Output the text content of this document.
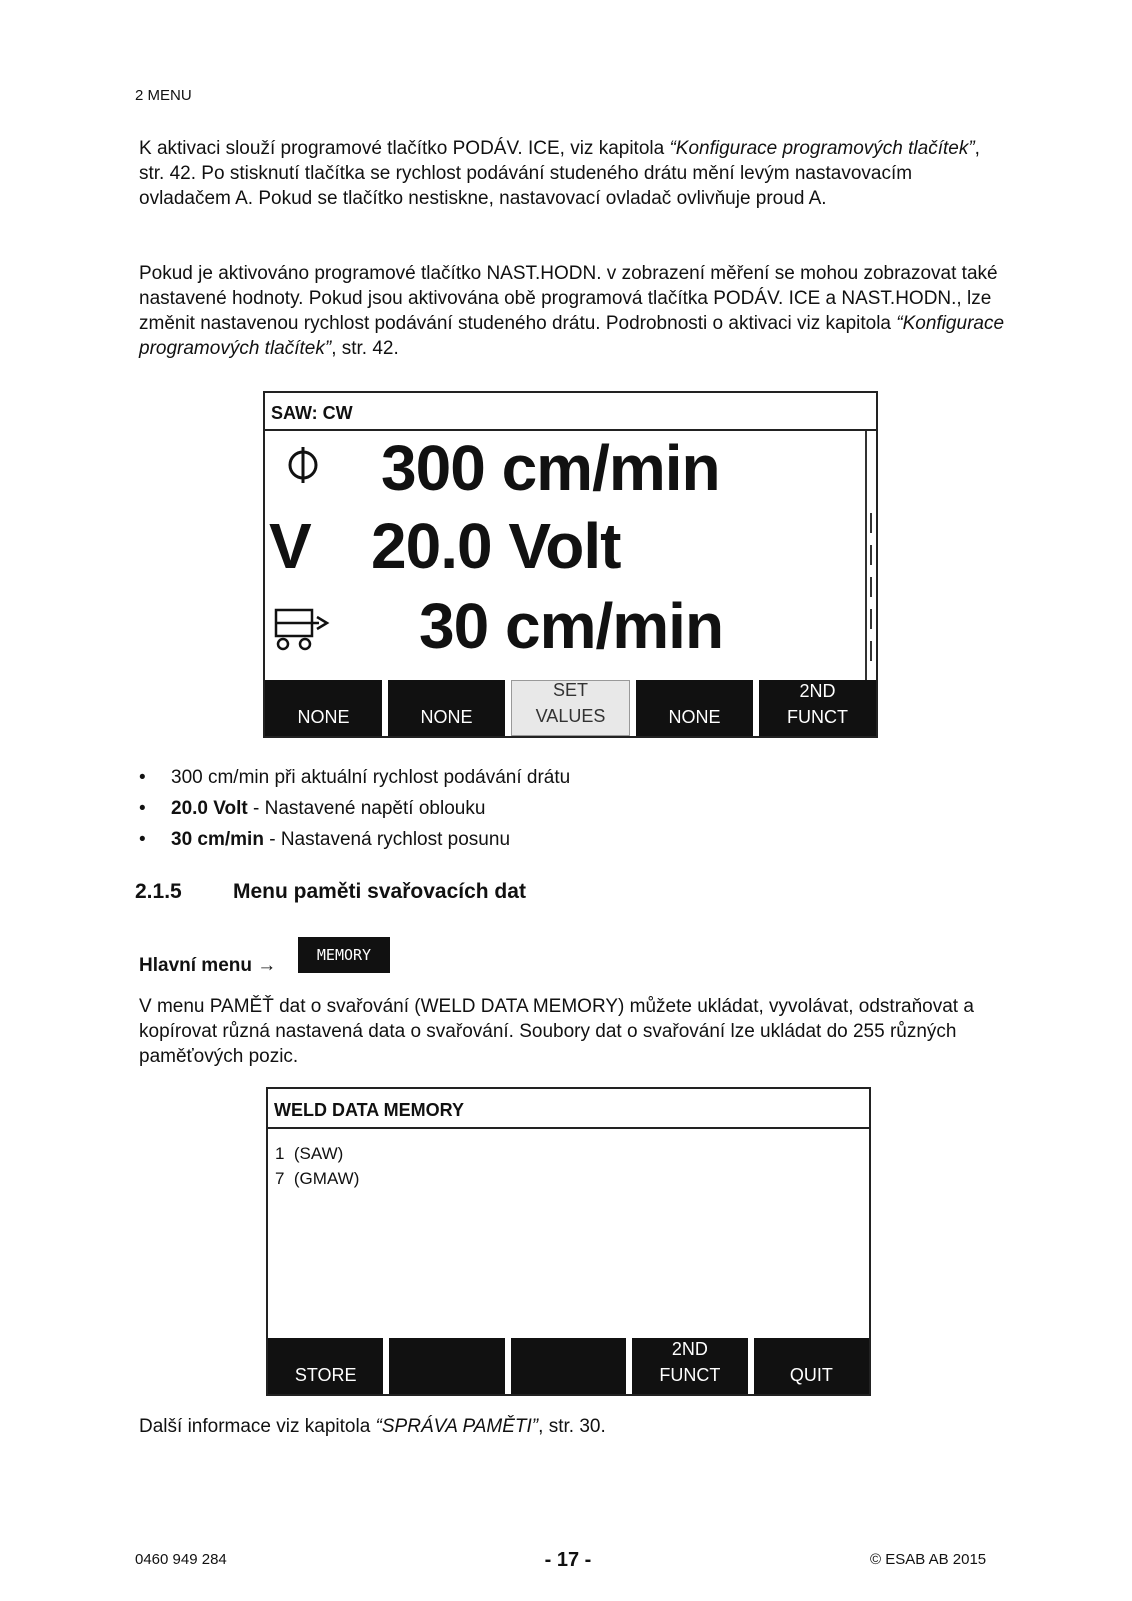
2 MENU

K aktivaci slouží programové tlačítko PODÁV. ICE, viz kapitola “Konfigurace programových tlačítek”, str. 42. Po stisknutí tlačítka se rychlost podávání studeného drátu mění levým nastavovacím ovladačem A. Pokud se tlačítko nestiskne, nastavovací ovladač ovlivňuje proud A.

Pokud je aktivováno programové tlačítko NAST.HODN. v zobrazení měření se mohou zobrazovat také nastavené hodnoty. Pokud jsou aktivována obě programová tlačítka PODÁV. ICE a NAST.HODN., lze změnit nastavenou rychlost podávání studeného drátu. Podrobnosti o aktivaci viz kapitola “Konfigurace programových tlačítek”, str. 42.

SAW: CW
300 cm/min
V 20.0 Volt
30 cm/min
NONE	NONE
SET
VALUES	NONE
2ND
FUNCT
• 300 cm/min při aktuální rychlost podávání drátu
• 20.0 Volt - Nastavené napětí oblouku
• 30 cm/min - Nastavená rychlost posunu
2.1.5 Menu paměti svařovacích dat
Hlavní menu →	MEMORY

V menu PAMĚŤ dat o svařování (WELD DATA MEMORY) můžete ukládat, vyvolávat, odstraňovat a kopírovat různá nastavená data o svařování. Soubory dat o svařování lze ukládat do 255 různých paměťových pozic.

WELD DATA MEMORY
1  (SAW)
7  (GMAW)
STORE
2ND
FUNCT	QUIT

Další informace viz kapitola “SPRÁVA PAMĚTI”, str. 30.

0460 949 284	- 17 -	© ESAB AB 2015
